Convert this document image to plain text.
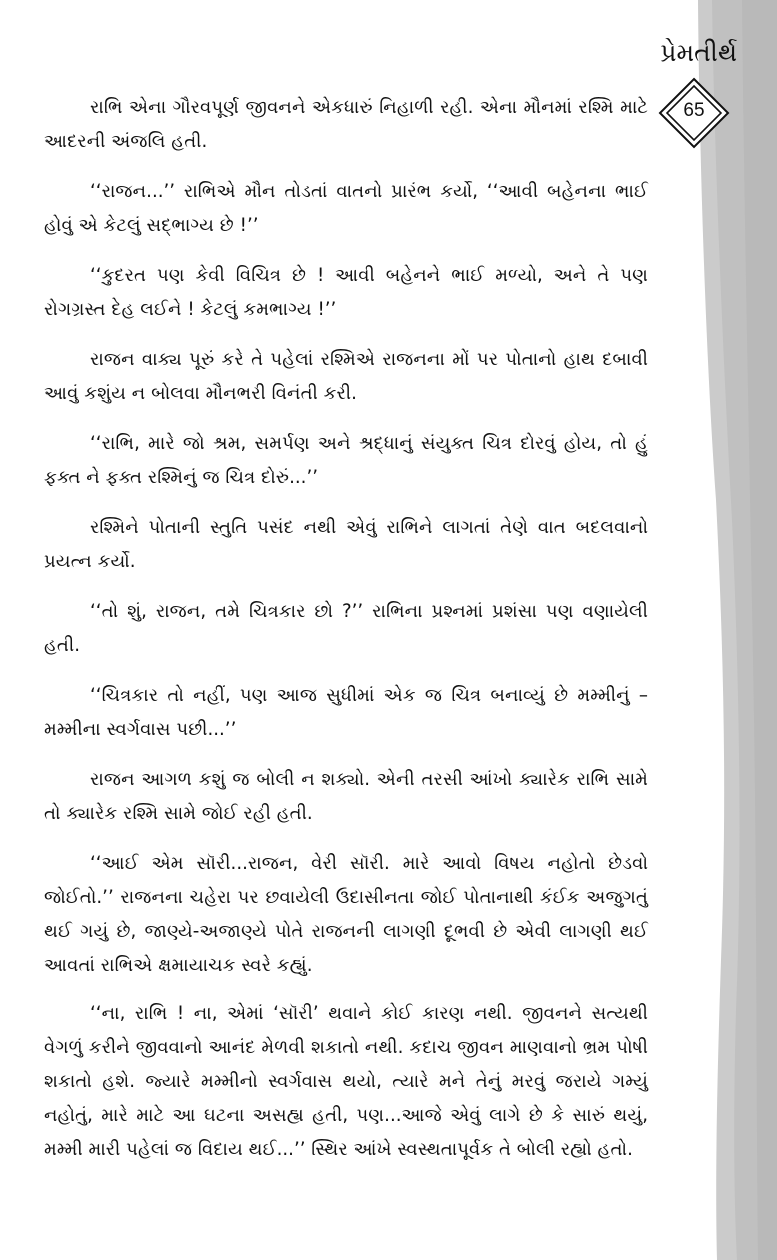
પ્રેમતીર્થ
65

રાભિ એના ગૌરવપૂર્ણ જીવનને એકધારું નિહાળી રહી. એના મૌનમાં રશ્મિ માટે આદરની અંજલિ હતી.

‘‘રાજન...’’ રાભિએ મૌન તોડતાં વાતનો પ્રારંભ કર્યો, ‘‘આવી બહેનના ભાઈ હોવું એ કેટલું સદ્‌ભાગ્ય છે !’’

‘‘કુદરત પણ કેવી વિચિત્ર છે ! આવી બહેનને ભાઈ મળ્યો, અને તે પણ રોગગ્રસ્ત દેહ લઈને ! કેટલું કમભાગ્ય !’’

રાજન વાક્ય પૂરું કરે તે પહેલાં રશ્મિએ રાજનના મોં પર પોતાનો હાથ દબાવી આવું કશુંય ન બોલવા મૌનભરી વિનંતી કરી.

‘‘રાભિ, મારે જો શ્રમ, સમર્પણ અને શ્રદ્ધાનું સંયુક્ત ચિત્ર દોરવું હોય, તો હું ફક્ત ને ફક્ત રશ્મિનું જ ચિત્ર દોરું...’’

રશ્મિને પોતાની સ્તુતિ પસંદ નથી એવું રાભિને લાગતાં તેણે વાત બદલવાનો પ્રયત્ન કર્યો.

‘‘તો શું, રાજન, તમે ચિત્રકાર છો ?’’ રાભિના પ્રશ્નમાં પ્રશંસા પણ વણાયેલી હતી.

‘‘ચિત્રકાર તો નહીં, પણ આજ સુધીમાં એક જ ચિત્ર બનાવ્યું છે મમ્મીનું – મમ્મીના સ્વર્ગવાસ પછી...’’

રાજન આગળ કશું જ બોલી ન શક્યો. એની તરસી આંખો ક્યારેક રાભિ સામે તો ક્યારેક રશ્મિ સામે જોઈ રહી હતી.

‘‘આઈ એમ સૉરી...રાજન, વેરી સૉરી. મારે આવો વિષય નહોતો છેડવો જોઈતો.’’ રાજનના ચહેરા પર છવાયેલી ઉદાસીનતા જોઈ પોતાનાથી કંઈક અજુગતું થઈ ગયું છે, જાણ્યે-અજાણ્યે પોતે રાજનની લાગણી દૂભવી છે એવી લાગણી થઈ આવતાં રાભિએ ક્ષમાયાચક સ્વરે કહ્યું.

‘‘ના, રાભિ ! ના, એમાં ‘સૉરી’ થવાને કોઈ કારણ નથી. જીવનને સત્યથી વેગળું કરીને જીવવાનો આનંદ મેળવી શકાતો નથી. કદાચ જીવન માણવાનો ભ્રમ પોષી શકાતો હશે. જ્યારે મમ્મીનો સ્વર્ગવાસ થયો, ત્યારે મને તેનું મરવું જરાયે ગમ્યું નહોતું, મારે માટે આ ઘટના અસહ્ય હતી, પણ...આજે એવું લાગે છે કે સારું થયું, મમ્મી મારી પહેલાં જ વિદાય થઈ...’’ સ્થિર આંખે સ્વસ્થતાપૂર્વક તે બોલી રહ્યો હતો.
